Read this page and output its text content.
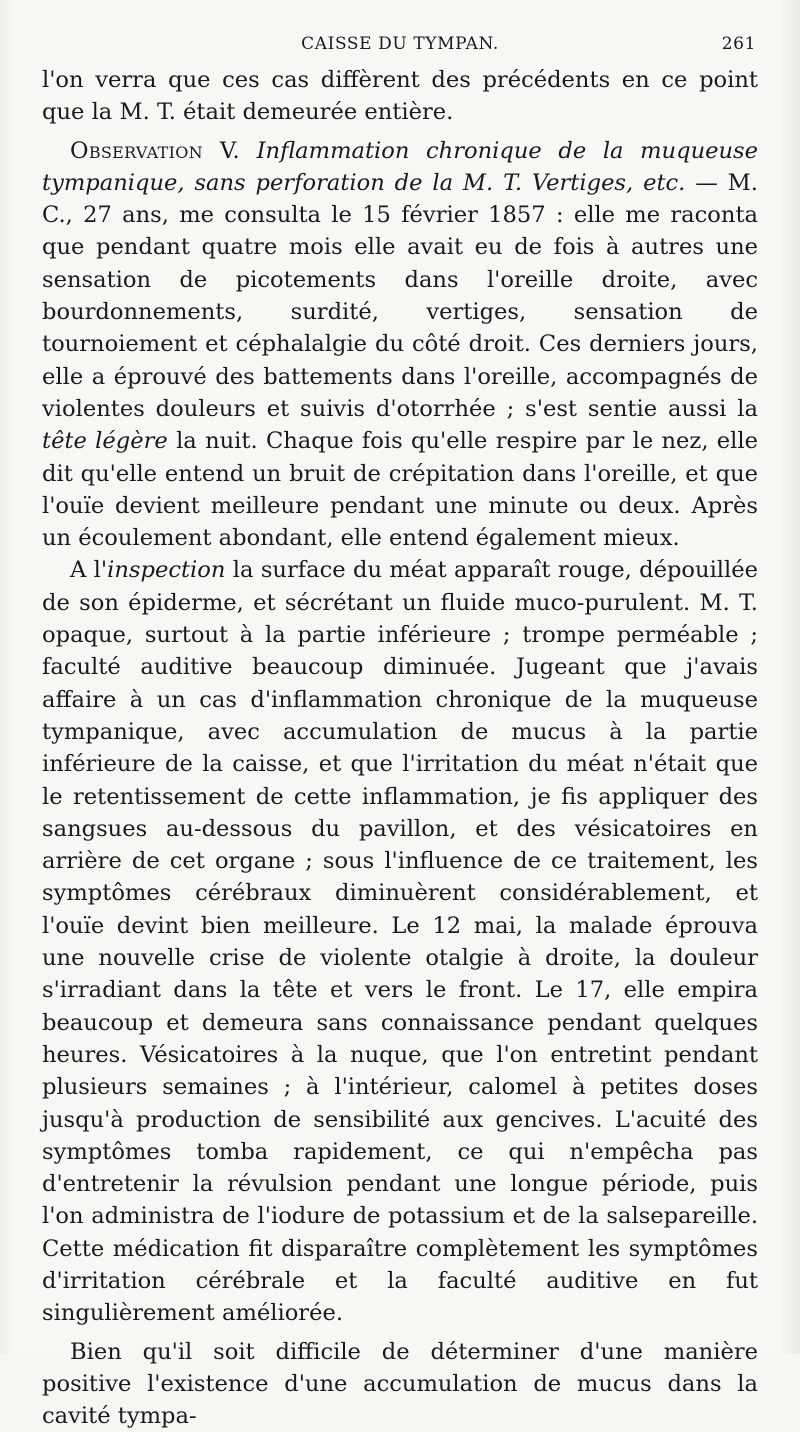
CAISSE DU TYMPAN.	261

l'on verra que ces cas diffèrent des précédents en ce point que la M. T. était demeurée entière.

Observation V. Inflammation chronique de la muqueuse tympanique, sans perforation de la M. T. Vertiges, etc. — M. C., 27 ans, me consulta le 15 février 1857 : elle me raconta que pendant quatre mois elle avait eu de fois à autres une sensation de picotements dans l'oreille droite, avec bourdonnements, surdité, vertiges, sensation de tournoiement et céphalalgie du côté droit. Ces derniers jours, elle a éprouvé des battements dans l'oreille, accompagnés de violentes douleurs et suivis d'otorrhée ; s'est sentie aussi la tête légère la nuit. Chaque fois qu'elle respire par le nez, elle dit qu'elle entend un bruit de crépitation dans l'oreille, et que l'ouïe devient meilleure pendant une minute ou deux. Après un écoulement abondant, elle entend également mieux.

A l'inspection la surface du méat apparaît rouge, dépouillée de son épiderme, et sécrétant un fluide muco-purulent. M. T. opaque, surtout à la partie inférieure ; trompe perméable ; faculté auditive beaucoup diminuée. Jugeant que j'avais affaire à un cas d'inflammation chronique de la muqueuse tympanique, avec accumulation de mucus à la partie inférieure de la caisse, et que l'irritation du méat n'était que le retentissement de cette inflammation, je fis appliquer des sangsues au-dessous du pavillon, et des vésicatoires en arrière de cet organe ; sous l'influence de ce traitement, les symptômes cérébraux diminuèrent considérablement, et l'ouïe devint bien meilleure. Le 12 mai, la malade éprouva une nouvelle crise de violente otalgie à droite, la douleur s'irradiant dans la tête et vers le front. Le 17, elle empira beaucoup et demeura sans connaissance pendant quelques heures. Vésicatoires à la nuque, que l'on entretint pendant plusieurs semaines ; à l'intérieur, calomel à petites doses jusqu'à production de sensibilité aux gencives. L'acuité des symptômes tomba rapidement, ce qui n'empêcha pas d'entretenir la révulsion pendant une longue période, puis l'on administra de l'iodure de potassium et de la salsepareille. Cette médication fit disparaître complètement les symptômes d'irritation cérébrale et la faculté auditive en fut singulièrement améliorée.

Bien qu'il soit difficile de déterminer d'une manière positive l'existence d'une accumulation de mucus dans la cavité tympa-
